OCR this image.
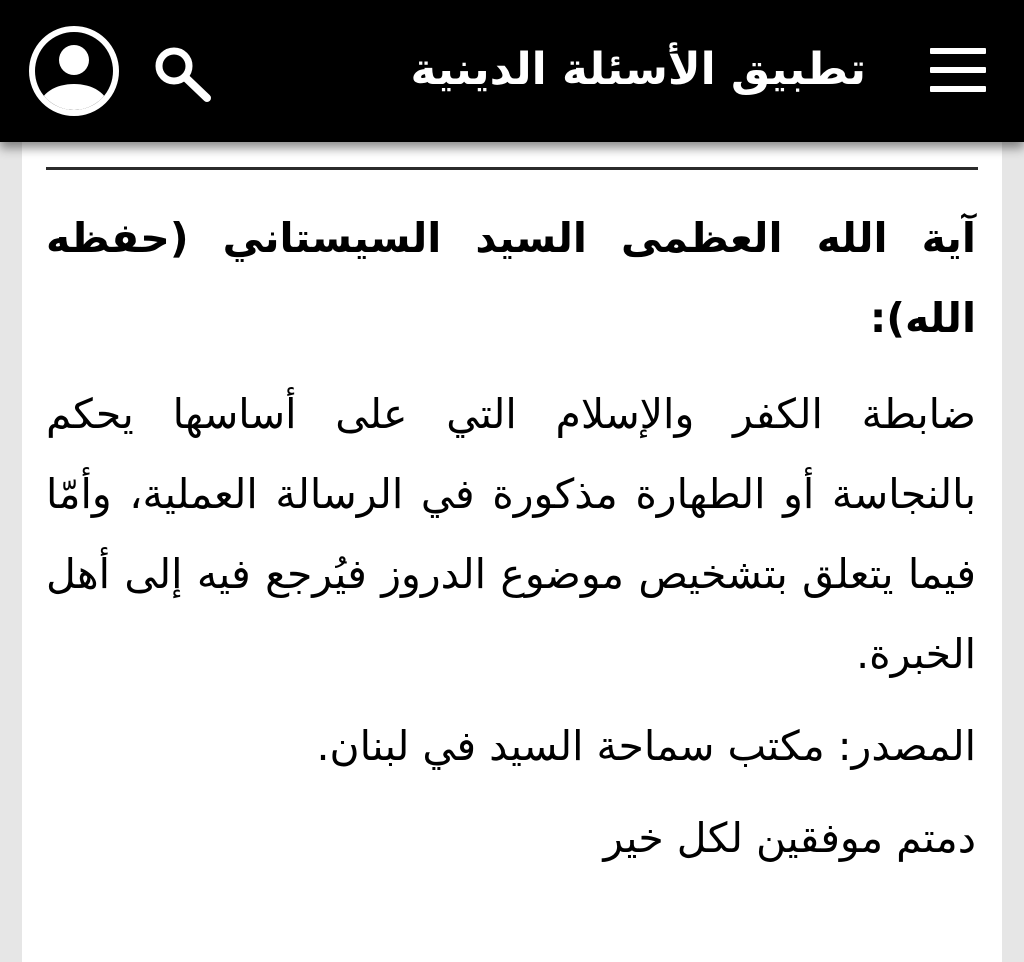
تطبيق الأسئلة الدينية

آية الله العظمى السيد السيستاني (حفظه الله):

ضابطة الكفر والإسلام التي على أساسها يحكم بالنجاسة أو الطهارة مذكورة في الرسالة العملية، وأمّا فيما يتعلق بتشخيص موضوع الدروز فيُرجع فيه إلى أهل الخبرة.

المصدر: مكتب سماحة السيد في لبنان.

دمتم موفقين لكل خير
